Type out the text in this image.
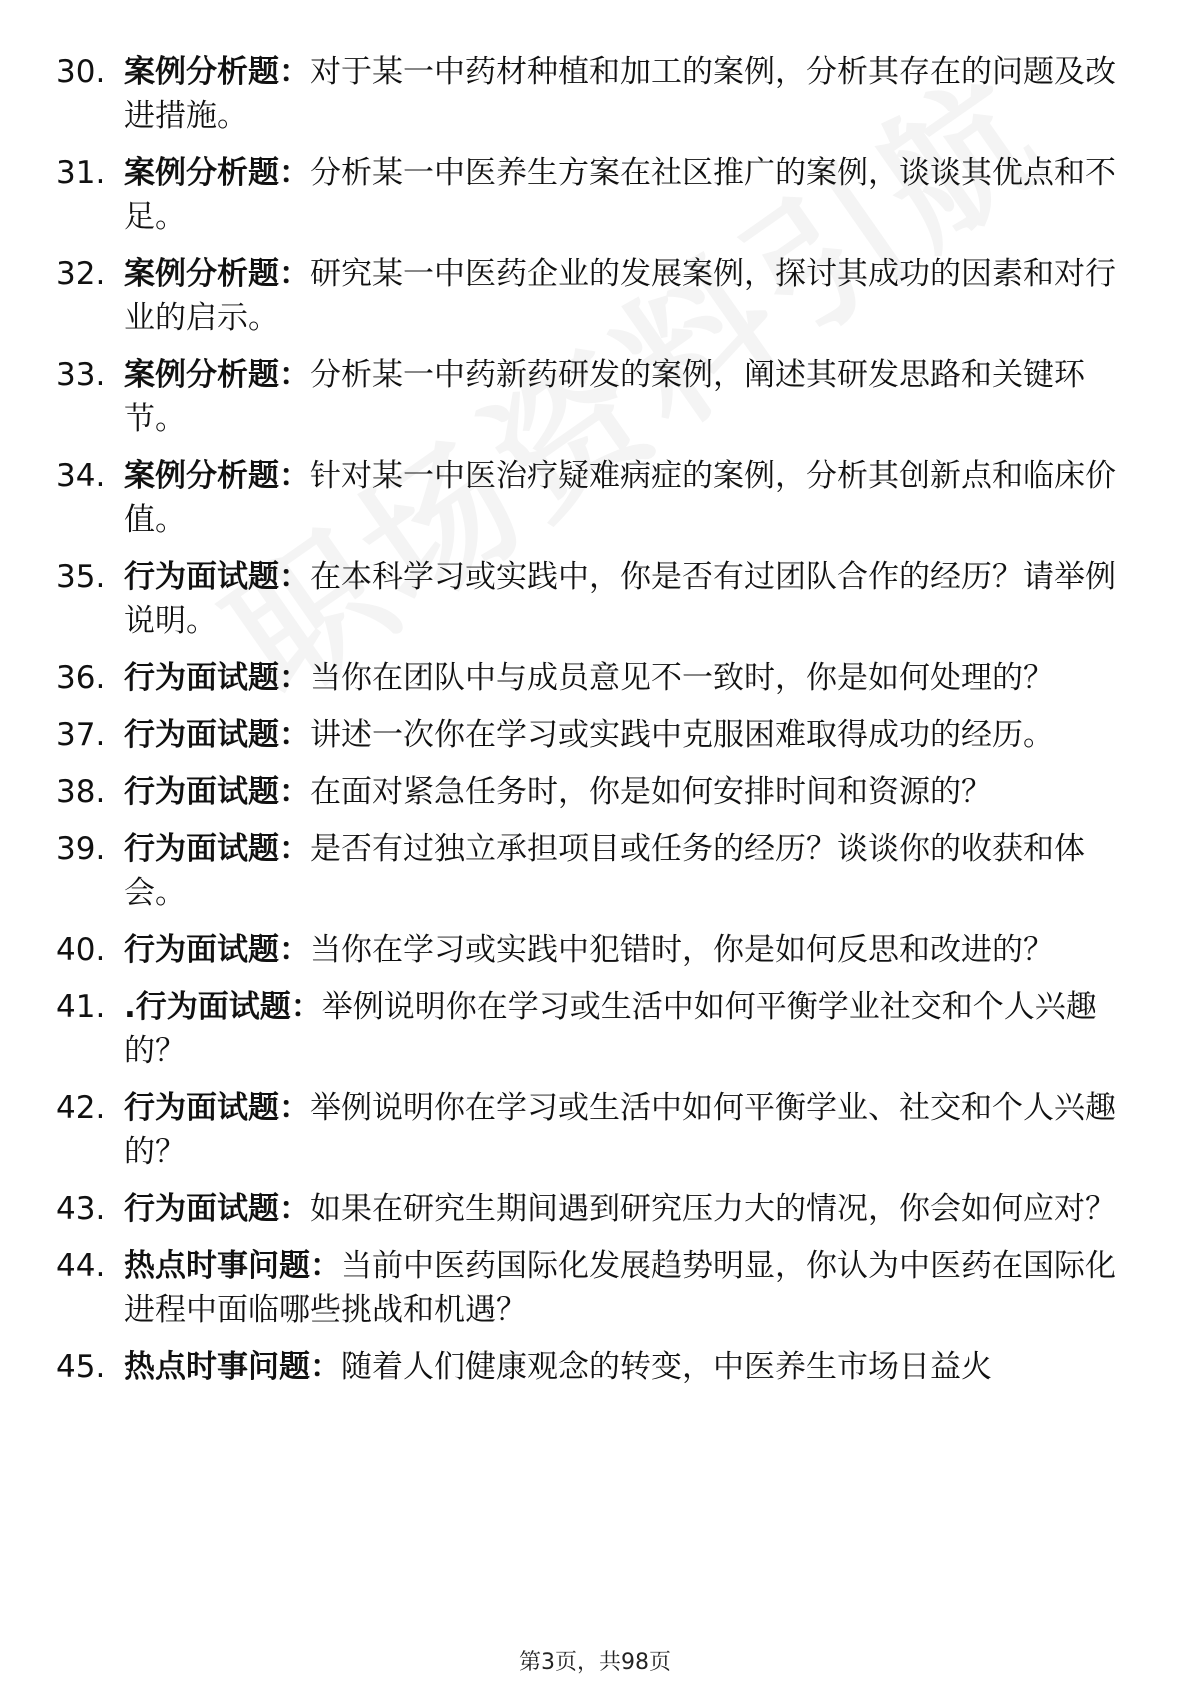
30. 案例分析题：对于某一中药材种植和加工的案例，分析其存在的问题及改进措施。
31. 案例分析题：分析某一中医养生方案在社区推广的案例，谈谈其优点和不足。
32. 案例分析题：研究某一中医药企业的发展案例，探讨其成功的因素和对行业的启示。
33. 案例分析题：分析某一中药新药研发的案例，阐述其研发思路和关键环节。
34. 案例分析题：针对某一中医治疗疑难病症的案例，分析其创新点和临床价值。
35. 行为面试题：在本科学习或实践中，你是否有过团队合作的经历？请举例说明。
36. 行为面试题：当你在团队中与成员意见不一致时，你是如何处理的？
37. 行为面试题：讲述一次你在学习或实践中克服困难取得成功的经历。
38. 行为面试题：在面对紧急任务时，你是如何安排时间和资源的？
39. 行为面试题：是否有过独立承担项目或任务的经历？谈谈你的收获和体会。
40. 行为面试题：当你在学习或实践中犯错时，你是如何反思和改进的？
41. .行为面试题：举例说明你在学习或生活中如何平衡学业社交和个人兴趣的？
42. 行为面试题：举例说明你在学习或生活中如何平衡学业、社交和个人兴趣的？
43. 行为面试题：如果在研究生期间遇到研究压力大的情况，你会如何应对？
44. 热点时事问题：当前中医药国际化发展趋势明显，你认为中医药在国际化进程中面临哪些挑战和机遇？
45. 热点时事问题：随着人们健康观念的转变，中医养生市场日益火
第3页，共98页
